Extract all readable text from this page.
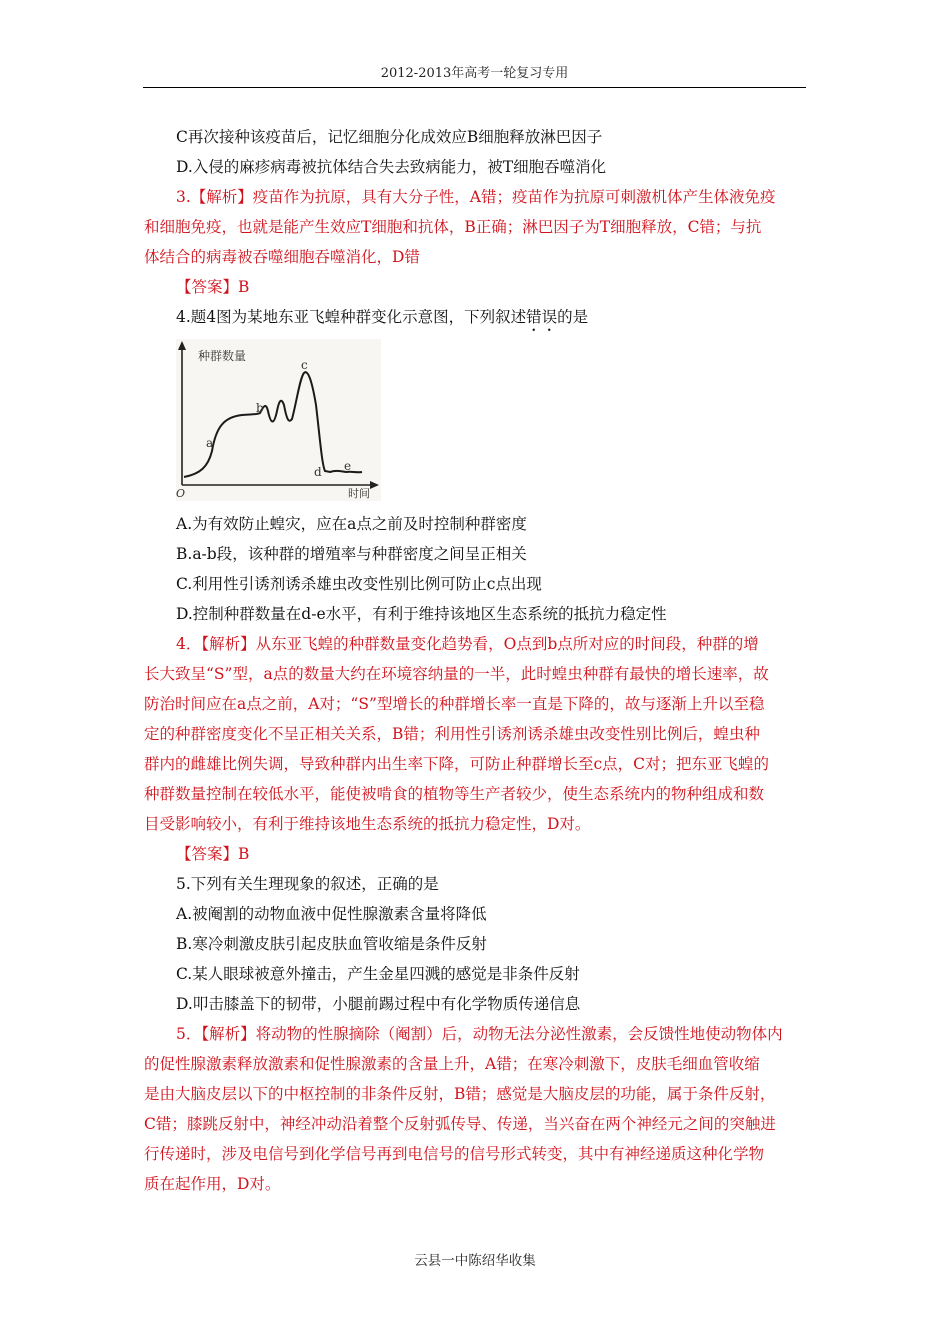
2012-2013年高考一轮复习专用

C再次接种该疫苗后，记忆细胞分化成效应B细胞释放淋巴因子

D.入侵的麻疹病毒被抗体结合失去致病能力，被T细胞吞噬消化

3.【解析】疫苗作为抗原，具有大分子性，A错；疫苗作为抗原可刺激机体产生体液免疫

和细胞免疫，也就是能产生效应T细胞和抗体，B正确；淋巴因子为T细胞释放，C错；与抗

体结合的病毒被吞噬细胞吞噬消化，D错

【答案】B

4.题4图为某地东亚飞蝗种群变化示意图，下列叙述错误的是

种群数量
时间
O
a
b
c
d e

A.为有效防止蝗灾，应在a点之前及时控制种群密度

B.a-b段，该种群的增殖率与种群密度之间呈正相关

C.利用性引诱剂诱杀雄虫改变性别比例可防止c点出现

D.控制种群数量在d-e水平，有利于维持该地区生态系统的抵抗力稳定性

4．【解析】从东亚飞蝗的种群数量变化趋势看，O点到b点所对应的时间段，种群的增

长大致呈“S”型，a点的数量大约在环境容纳量的一半，此时蝗虫种群有最快的增长速率，故

防治时间应在a点之前，A对；“S”型增长的种群增长率一直是下降的，故与逐渐上升以至稳

定的种群密度变化不呈正相关关系，B错；利用性引诱剂诱杀雄虫改变性别比例后，蝗虫种

群内的雌雄比例失调，导致种群内出生率下降，可防止种群增长至c点，C对；把东亚飞蝗的

种群数量控制在较低水平，能使被啃食的植物等生产者较少，使生态系统内的物种组成和数

目受影响较小，有利于维持该地生态系统的抵抗力稳定性，D对。

【答案】B

5.下列有关生理现象的叙述，正确的是

A.被阉割的动物血液中促性腺激素含量将降低

B.寒冷刺激皮肤引起皮肤血管收缩是条件反射

C.某人眼球被意外撞击，产生金星四溅的感觉是非条件反射

D.叩击膝盖下的韧带，小腿前踢过程中有化学物质传递信息

5．【解析】将动物的性腺摘除（阉割）后，动物无法分泌性激素，会反馈性地使动物体内

的促性腺激素释放激素和促性腺激素的含量上升，A错；在寒冷刺激下，皮肤毛细血管收缩

是由大脑皮层以下的中枢控制的非条件反射，B错；感觉是大脑皮层的功能，属于条件反射，

C错；膝跳反射中，神经冲动沿着整个反射弧传导、传递，当兴奋在两个神经元之间的突触进

行传递时，涉及电信号到化学信号再到电信号的信号形式转变，其中有神经递质这种化学物

质在起作用，D对。

云县一中陈绍华收集
